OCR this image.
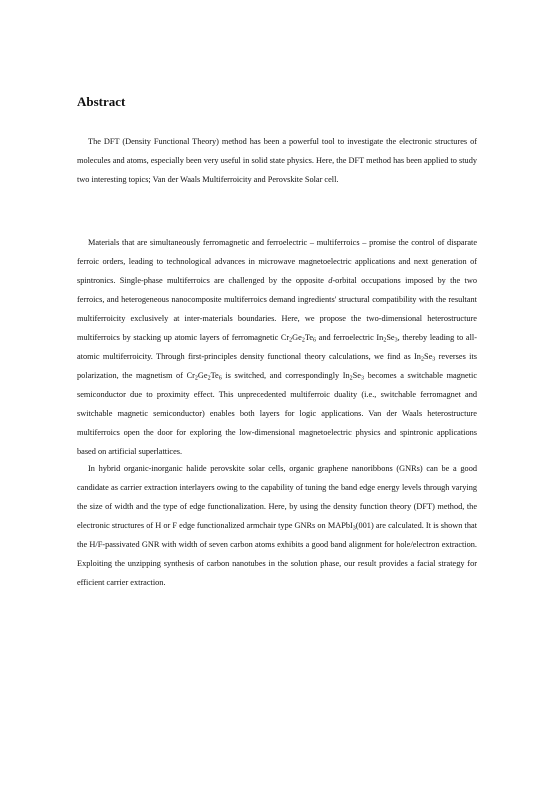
Abstract

The DFT (Density Functional Theory) method has been a powerful tool to investigate the electronic structures of molecules and atoms, especially been very useful in solid state physics. Here, the DFT method has been applied to study two interesting topics; Van der Waals Multiferroicity and Perovskite Solar cell.

Materials that are simultaneously ferromagnetic and ferroelectric – multiferroics – promise the control of disparate ferroic orders, leading to technological advances in microwave magnetoelectric applications and next generation of spintronics. Single-phase multiferroics are challenged by the opposite d-orbital occupations imposed by the two ferroics, and heterogeneous nanocomposite multiferroics demand ingredients' structural compatibility with the resultant multiferroicity exclusively at inter-materials boundaries. Here, we propose the two-dimensional heterostructure multiferroics by stacking up atomic layers of ferromagnetic $Cr_2Ge_2Te_6$ and ferroelectric $In_2Se_3$, thereby leading to all-atomic multiferroicity. Through first-principles density functional theory calculations, we find as $In_2Se_3$ reverses its polarization, the magnetism of $Cr_2Ge_2Te_6$ is switched, and correspondingly $In_2Se_3$ becomes a switchable magnetic semiconductor due to proximity effect. This unprecedented multiferroic duality (i.e., switchable ferromagnet and switchable magnetic semiconductor) enables both layers for logic applications. Van der Waals heterostructure multiferroics open the door for exploring the low-dimensional magnetoelectric physics and spintronic applications based on artificial superlattices.

In hybrid organic-inorganic halide perovskite solar cells, organic graphene nanoribbons (GNRs) can be a good candidate as carrier extraction interlayers owing to the capability of tuning the band edge energy levels through varying the size of width and the type of edge functionalization. Here, by using the density function theory (DFT) method, the electronic structures of H or F edge functionalized armchair type GNRs on MAPbI$_3$(001) are calculated. It is shown that the H/F-passivated GNR with width of seven carbon atoms exhibits a good band alignment for hole/electron extraction. Exploiting the unzipping synthesis of carbon nanotubes in the solution phase, our result provides a facial strategy for efficient carrier extraction.
